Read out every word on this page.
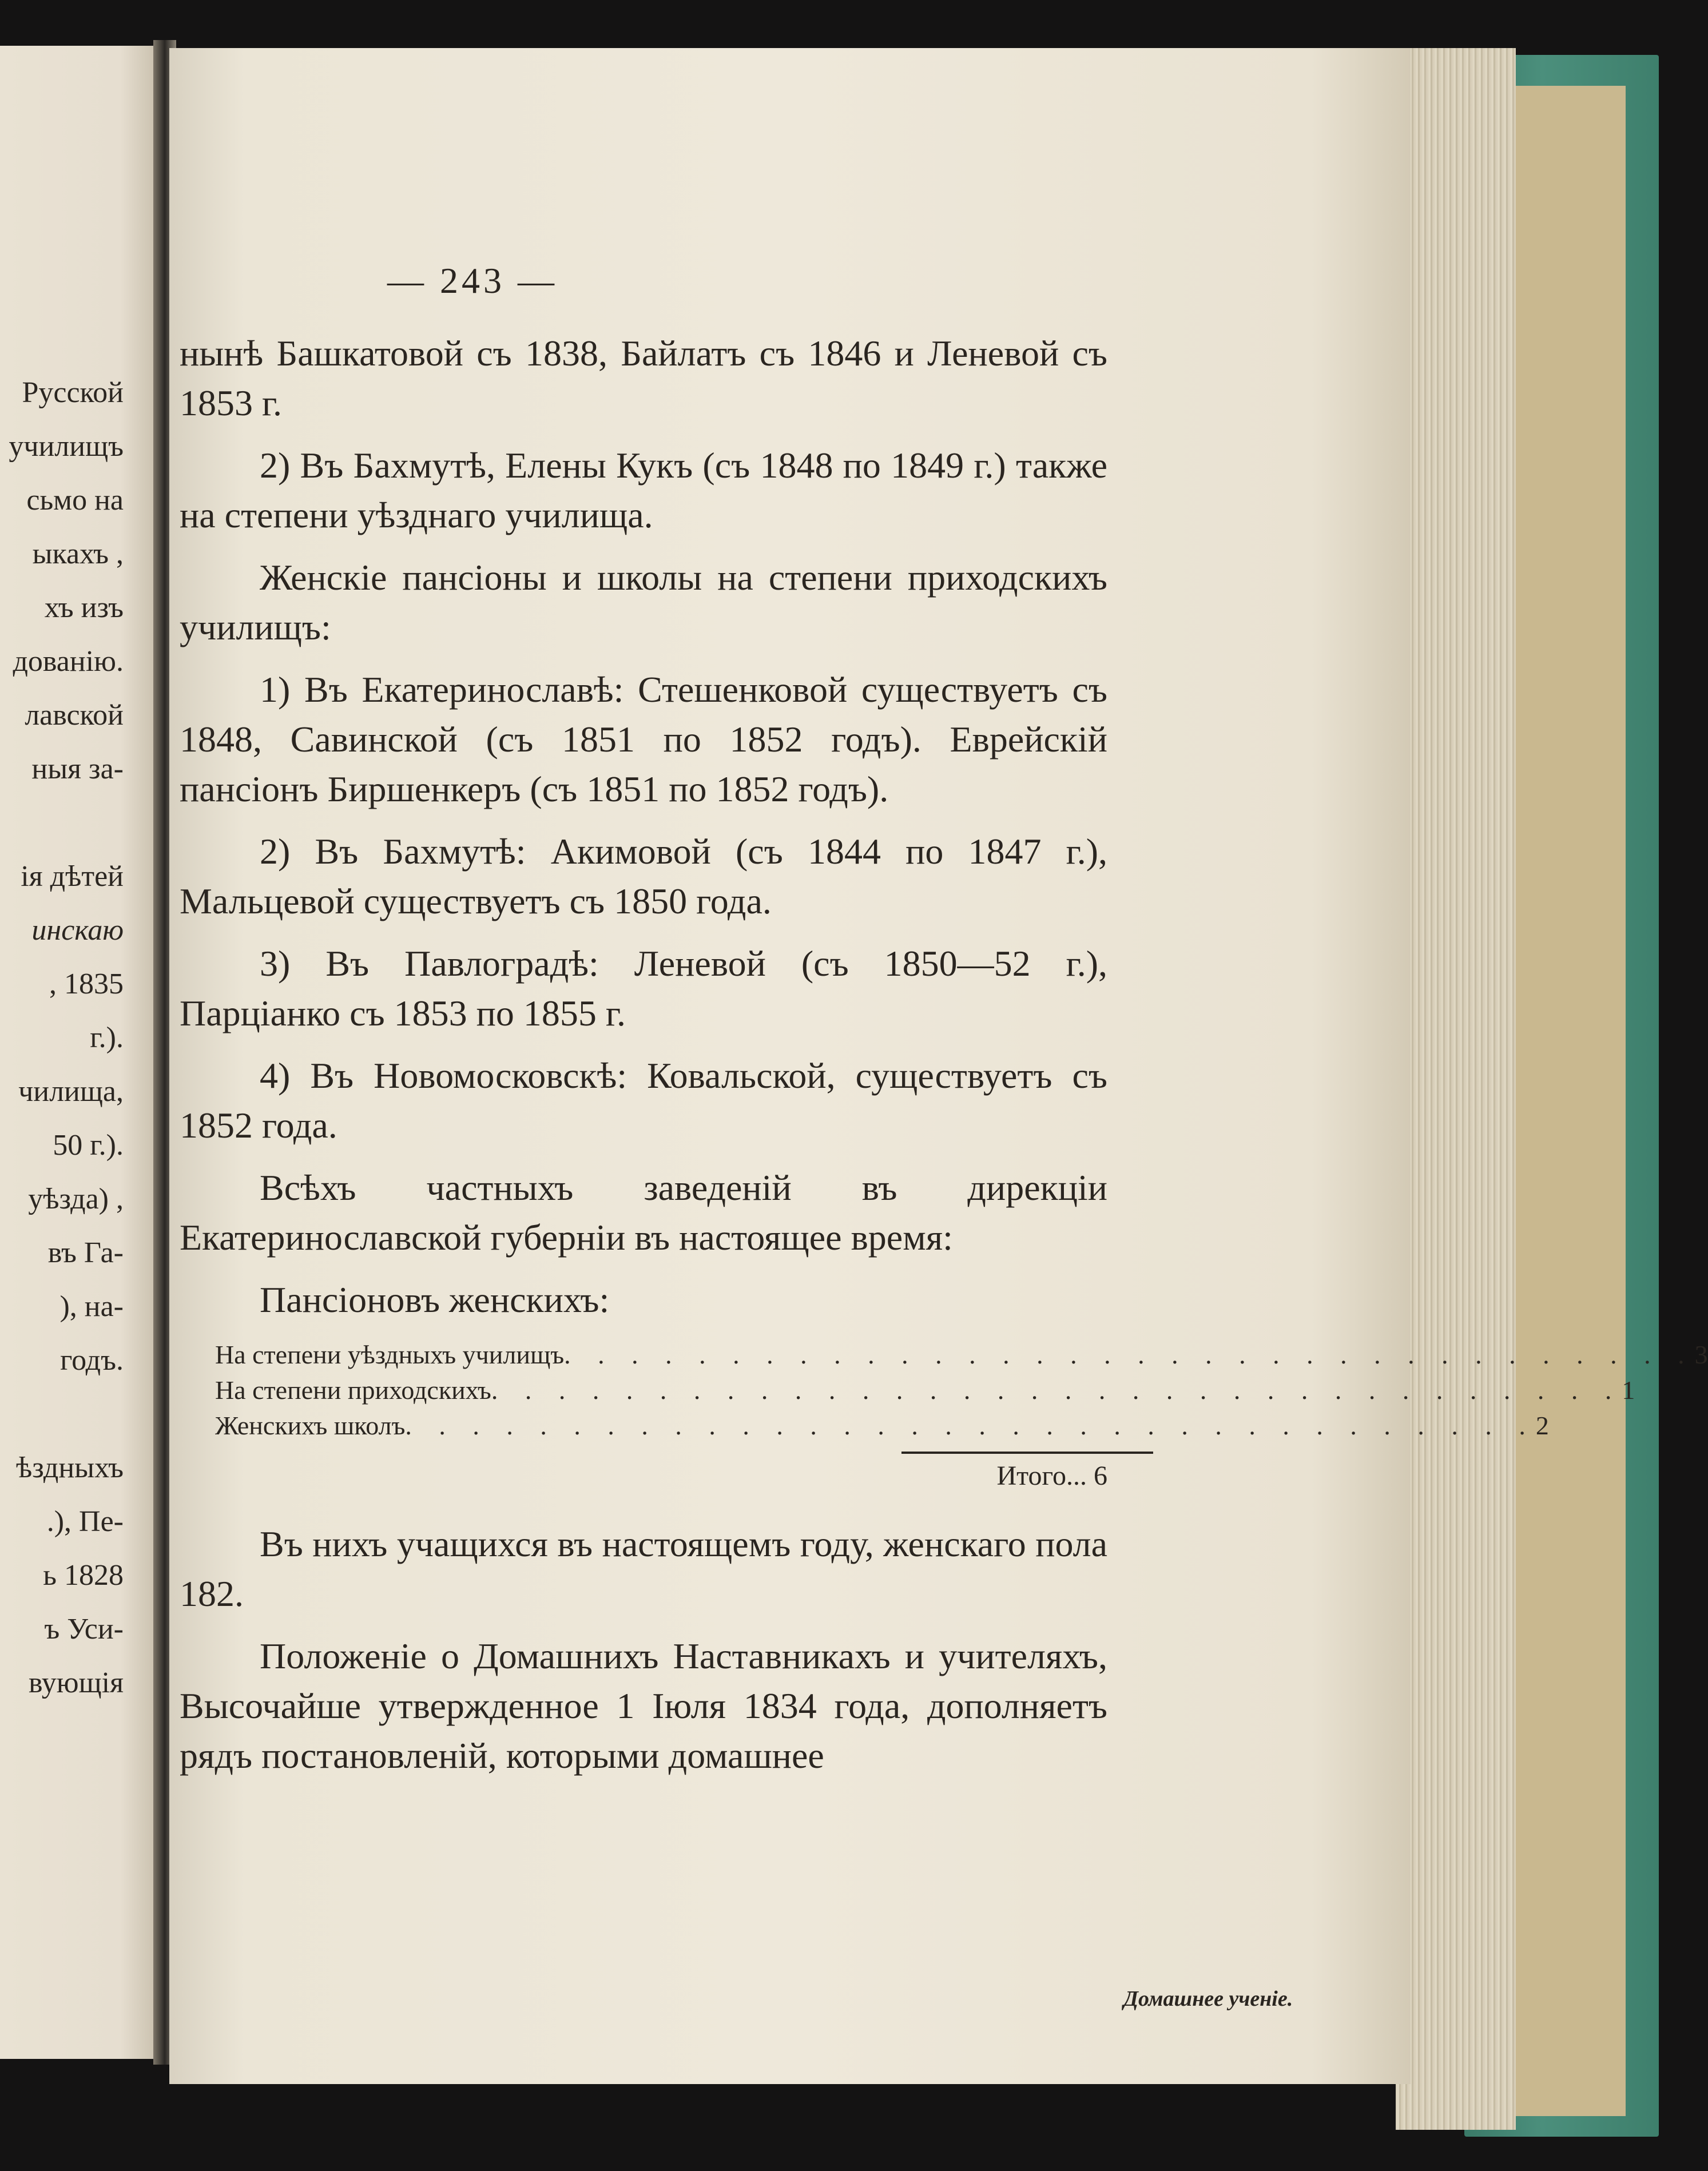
Русской
училищъ
сьмо на
ыкахъ ,
хъ изъ
дованію.
лавской
ныя за-

ія дѣтей
инскаю
, 1835
г.).
чилища,
50 г.).
уѣзда) ,
въ Га-
), на-
годъ.

ѣздныхъ
.), Пе-
ь 1828
ъ Уси-
вующія
— 243 —

нынѣ Башкатовой съ 1838, Байлатъ съ 1846 и Леневой съ 1853 г.

2) Въ Бахмутѣ, Елены Кукъ (съ 1848 по 1849 г.) также на степени уѣзднаго училища.

Женскіе пансіоны и школы на степени приходскихъ училищъ:

1) Въ Екатеринославѣ: Стешенковой существуетъ съ 1848, Савинской (съ 1851 по 1852 годъ). Еврейскій пансіонъ Биршенкеръ (съ 1851 по 1852 годъ).

2) Въ Бахмутѣ: Акимовой (съ 1844 по 1847 г.), Мальцевой существуетъ съ 1850 года.

3) Въ Павлоградѣ: Леневой (съ 1850—52 г.), Парціанко съ 1853 по 1855 г.

4) Въ Новомосковскѣ: Ковальской, существуетъ съ 1852 года.

Всѣхъ частныхъ заведеній въ дирекціи Екатеринославской губерніи въ настоящее время:

Пансіоновъ женскихъ:

На степени уѣздныхъ училищъ . . . . . . . . . . . . . . . . . . . . . . . . . . . . . . . . . . 3
На степени приходскихъ . . . . . . . . . . . . . . . . . . . . . . . . . . . . . . . . . . 1
Женскихъ школъ . . . . . . . . . . . . . . . . . . . . . . . . . . . . . . . . . . 2
Итого... 6

Въ нихъ учащихся въ настоящемъ году, женскаго пола 182.

Положеніе о Домашнихъ Наставникахъ и учителяхъ, Высочайше утвержденное 1 Іюля 1834 года, дополняетъ рядъ постановленій, которыми домашнее

Домашнее ученіе.
